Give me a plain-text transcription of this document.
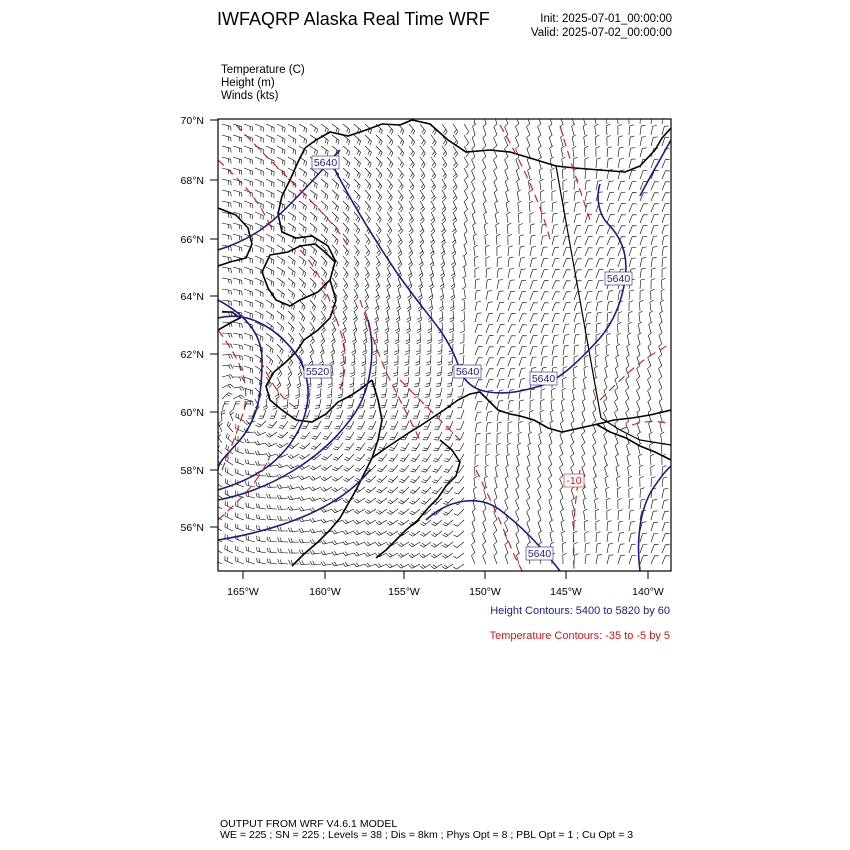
IWFAQRP Alaska Real Time WRF	Init: 2025-07-01_00:00:00
Valid: 2025-07-02_00:00:00
Temperature (C)
Height (m)
Winds (kts)
70°N
68°N
66°N
64°N
62°N
60°N
58°N
56°N
165°W	160°W	155°W	150°W	145°W	140°W
5640
5640
5640
5640
5520
5640
-10
Height Contours: 5400 to 5820 by 60
Temperature Contours: -35 to -5 by 5
OUTPUT FROM WRF V4.6.1 MODEL
WE = 225 ; SN = 225 ; Levels = 38 ; Dis = 8km ; Phys Opt = 8 ; PBL Opt = 1 ; Cu Opt = 3
